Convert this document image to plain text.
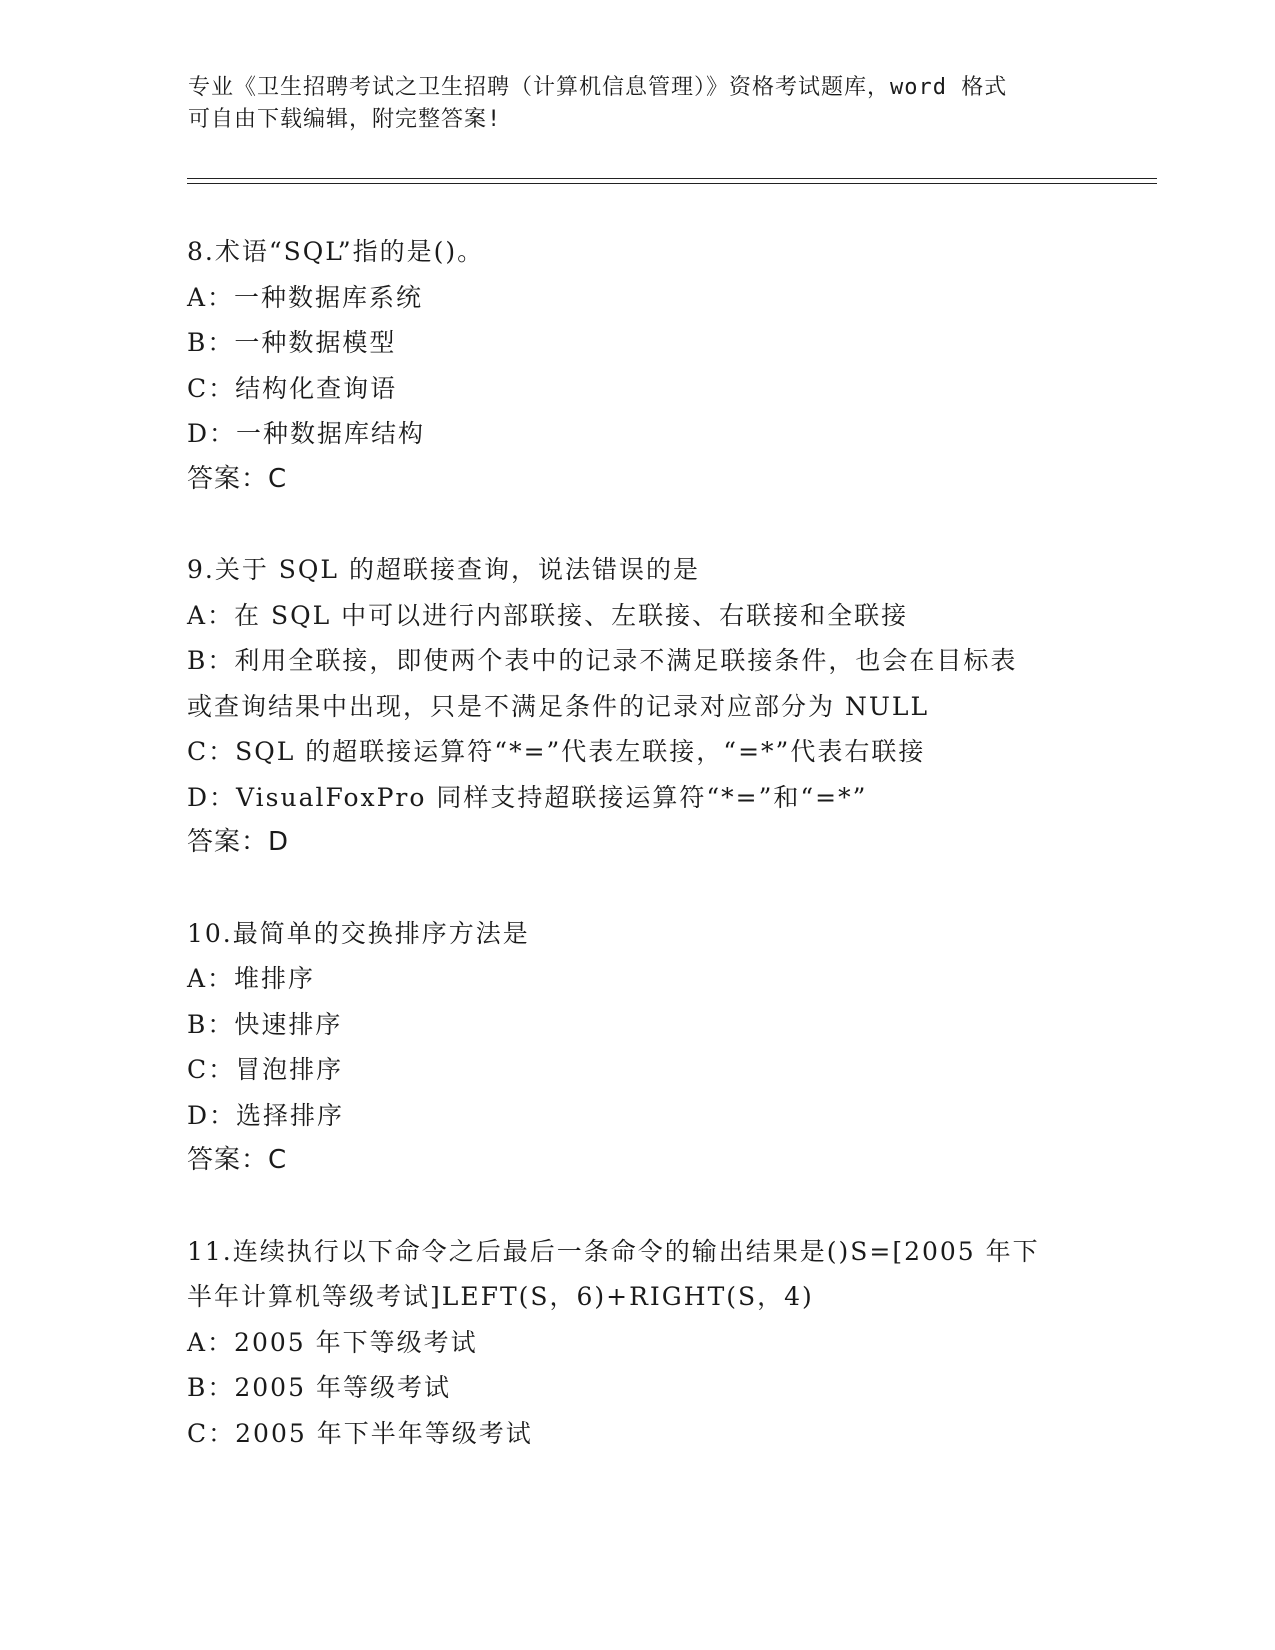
专业《卫生招聘考试之卫生招聘（计算机信息管理）》资格考试题库，word 格式
可自由下载编辑，附完整答案!
8.术语“SQL”指的是()。
A：一种数据库系统
B：一种数据模型
C：结构化查询语
D：一种数据库结构
答案：C
9.关于 SQL 的超联接查询，说法错误的是
A：在 SQL 中可以进行内部联接、左联接、右联接和全联接
B：利用全联接，即使两个表中的记录不满足联接条件，也会在目标表
或查询结果中出现，只是不满足条件的记录对应部分为 NULL
C：SQL 的超联接运算符“*=”代表左联接，“=*”代表右联接
D：VisualFoxPro 同样支持超联接运算符“*=”和“=*”
答案：D
10.最简单的交换排序方法是
A：堆排序
B：快速排序
C：冒泡排序
D：选择排序
答案：C
11.连续执行以下命令之后最后一条命令的输出结果是()S=[2005 年下
半年计算机等级考试]LEFT(S，6)+RIGHT(S，4)
A：2005 年下等级考试
B：2005 年等级考试
C：2005 年下半年等级考试
